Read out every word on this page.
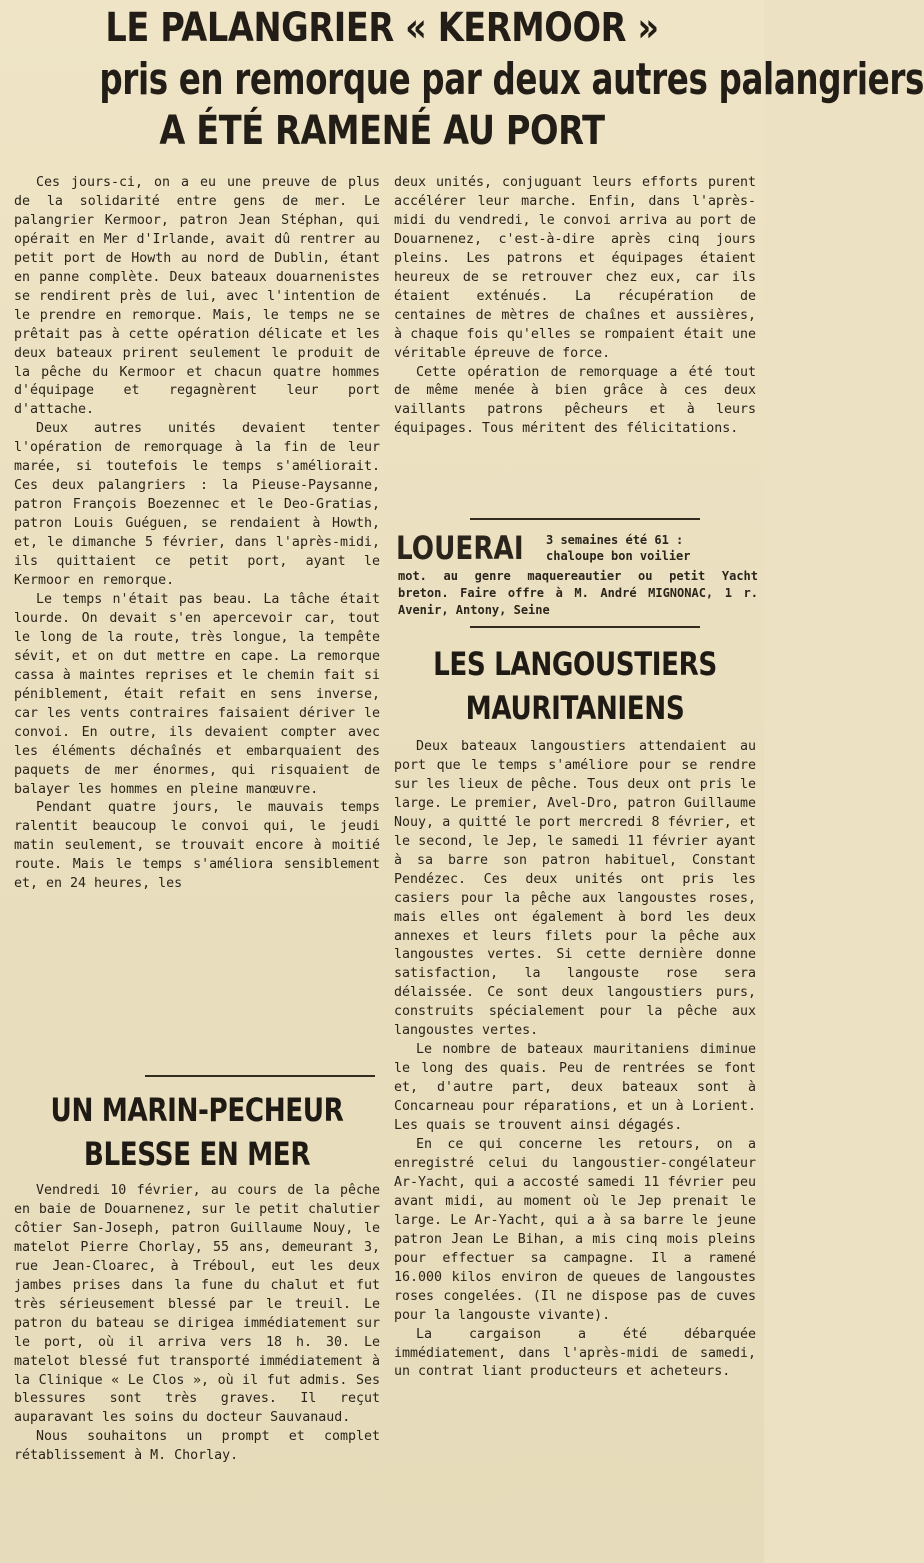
LE PALANGRIER « KERMOOR »
pris en remorque par deux autres palangriers
A ÉTÉ RAMENÉ AU PORT

Ces jours-ci, on a eu une preuve de plus de la solidarité entre gens de mer. Le palangrier Kermoor, patron Jean Stéphan, qui opérait en Mer d'Irlande, avait dû rentrer au petit port de Howth au nord de Dublin, étant en panne complète. Deux bateaux douarnenistes se rendirent près de lui, avec l'intention de le prendre en remorque. Mais, le temps ne se prêtait pas à cette opération délicate et les deux bateaux prirent seulement le produit de la pêche du Kermoor et chacun quatre hommes d'équipage et regagnèrent leur port d'attache.

Deux autres unités devaient tenter l'opération de remorquage à la fin de leur marée, si toutefois le temps s'améliorait. Ces deux palangriers : la Pieuse-Paysanne, patron François Boezennec et le Deo-Gratias, patron Louis Guéguen, se rendaient à Howth, et, le dimanche 5 février, dans l'après-midi, ils quittaient ce petit port, ayant le Kermoor en remorque.

Le temps n'était pas beau. La tâche était lourde. On devait s'en apercevoir car, tout le long de la route, très longue, la tempête sévit, et on dut mettre en cape. La remorque cassa à maintes reprises et le chemin fait si péniblement, était refait en sens inverse, car les vents contraires faisaient dériver le convoi. En outre, ils devaient compter avec les éléments déchaînés et embarquaient des paquets de mer énormes, qui risquaient de balayer les hommes en pleine manœuvre.

Pendant quatre jours, le mauvais temps ralentit beaucoup le convoi qui, le jeudi matin seulement, se trouvait encore à moitié route. Mais le temps s'améliora sensiblement et, en 24 heures, les

deux unités, conjuguant leurs efforts purent accélérer leur marche. Enfin, dans l'après-midi du vendredi, le convoi arriva au port de Douarnenez, c'est-à-dire après cinq jours pleins. Les patrons et équipages étaient heureux de se retrouver chez eux, car ils étaient exténués. La récupération de centaines de mètres de chaînes et aussières, à chaque fois qu'elles se rompaient était une véritable épreuve de force.

Cette opération de remorquage a été tout de même menée à bien grâce à ces deux vaillants patrons pêcheurs et à leurs équipages. Tous méritent des félicitations.

LOUERAI 3 semaines été 61 :
chaloupe bon voilier
mot. au genre maquereautier ou petit Yacht breton. Faire offre à M. André MIGNONAC, 1 r. Avenir, Antony, Seine
LES LANGOUSTIERS
MAURITANIENS

Deux bateaux langoustiers attendaient au port que le temps s'améliore pour se rendre sur les lieux de pêche. Tous deux ont pris le large. Le premier, Avel-Dro, patron Guillaume Nouy, a quitté le port mercredi 8 février, et le second, le Jep, le samedi 11 février ayant à sa barre son patron habituel, Constant Pendézec. Ces deux unités ont pris les casiers pour la pêche aux langoustes roses, mais elles ont également à bord les deux annexes et leurs filets pour la pêche aux langoustes vertes. Si cette dernière donne satisfaction, la langouste rose sera délaissée. Ce sont deux langoustiers purs, construits spécialement pour la pêche aux langoustes vertes.

Le nombre de bateaux mauritaniens diminue le long des quais. Peu de rentrées se font et, d'autre part, deux bateaux sont à Concarneau pour réparations, et un à Lorient. Les quais se trouvent ainsi dégagés.

En ce qui concerne les retours, on a enregistré celui du langoustier-congélateur Ar-Yacht, qui a accosté samedi 11 février peu avant midi, au moment où le Jep prenait le large. Le Ar-Yacht, qui a à sa barre le jeune patron Jean Le Bihan, a mis cinq mois pleins pour effectuer sa campagne. Il a ramené 16.000 kilos environ de queues de langoustes roses congelées. (Il ne dispose pas de cuves pour la langouste vivante).

La cargaison a été débarquée immédiatement, dans l'après-midi de samedi, un contrat liant producteurs et acheteurs.

UN MARIN-PECHEUR
BLESSE EN MER

Vendredi 10 février, au cours de la pêche en baie de Douarnenez, sur le petit chalutier côtier San-Joseph, patron Guillaume Nouy, le matelot Pierre Chorlay, 55 ans, demeurant 3, rue Jean-Cloarec, à Tréboul, eut les deux jambes prises dans la fune du chalut et fut très sérieusement blessé par le treuil. Le patron du bateau se dirigea immédiatement sur le port, où il arriva vers 18 h. 30. Le matelot blessé fut transporté immédiatement à la Clinique « Le Clos », où il fut admis. Ses blessures sont très graves. Il reçut auparavant les soins du docteur Sauvanaud.

Nous souhaitons un prompt et complet rétablissement à M. Chorlay.
